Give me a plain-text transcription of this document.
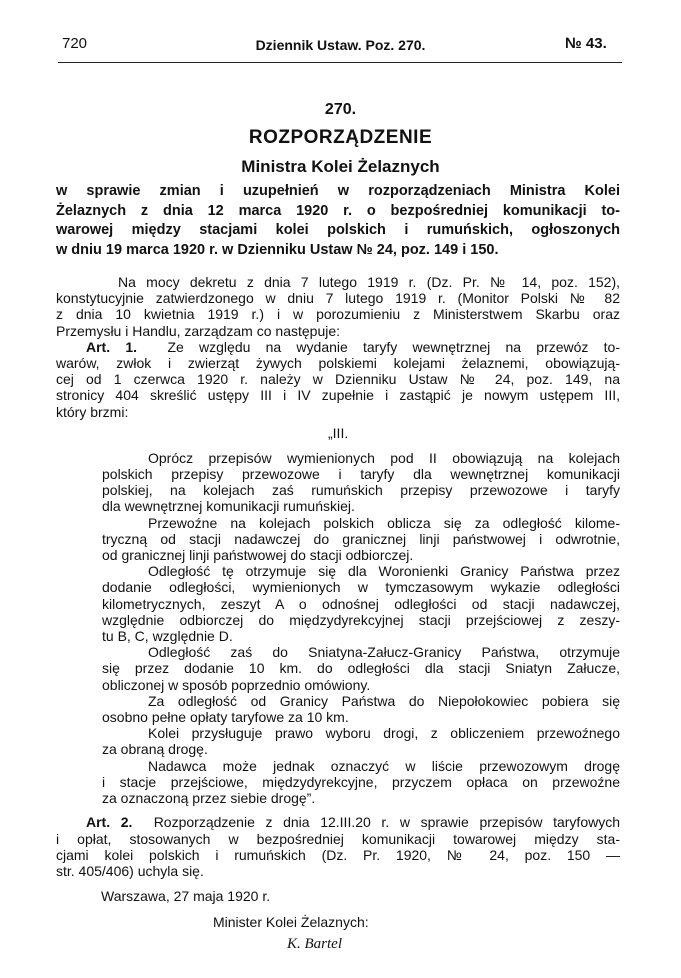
720	Dziennik Ustaw. Poz. 270.	№ 43.
270.
ROZPORZĄDZENIE
Ministra Kolei Żelaznych
w sprawie zmian i uzupełnień w rozporządzeniach Ministra Kolei
Żelaznych z dnia 12 marca 1920 r. o bezpośredniej komunikacji to-
warowej między stacjami kolei polskich i rumuńskich, ogłoszonych
w dniu 19 marca 1920 r. w Dzienniku Ustaw № 24, poz. 149 i 150.
Na mocy dekretu z dnia 7 lutego 1919 r. (Dz. Pr. № 14, poz. 152),
konstytucyjnie zatwierdzonego w dniu 7 lutego 1919 r. (Monitor Polski № 82
z dnia 10 kwietnia 1919 r.) i w porozumieniu z Ministerstwem Skarbu oraz
Przemysłu i Handlu, zarządzam co następuje:
Art. 1. Ze względu na wydanie taryfy wewnętrznej na przewóz to-
warów, zwłok i zwierząt żywych polskiemi kolejami żelaznemi, obowiązują-
cej od 1 czerwca 1920 r. należy w Dzienniku Ustaw № 24, poz. 149, na
stronicy 404 skreślić ustępy III i IV zupełnie i zastąpić je nowym ustępem III,
który brzmi:
„III.
Oprócz przepisów wymienionych pod II obowiązują na kolejach
polskich przepisy przewozowe i taryfy dla wewnętrznej komunikacji
polskiej, na kolejach zaś rumuńskich przepisy przewozowe i taryfy
dla wewnętrznej komunikacji rumuńskiej.
Przewoźne na kolejach polskich oblicza się za odległość kilome-
tryczną od stacji nadawczej do granicznej linji państwowej i odwrotnie,
od granicznej linji państwowej do stacji odbiorczej.
Odległość tę otrzymuje się dla Woronienki Granicy Państwa przez
dodanie odległości, wymienionych w tymczasowym wykazie odległości
kilometrycznych, zeszyt A o odnośnej odległości od stacji nadawczej,
względnie odbiorczej do międzydyrekcyjnej stacji przejściowej z zeszy-
tu B, C, względnie D.
Odległość zaś do Sniatyna-Załucz-Granicy Państwa, otrzymuje
się przez dodanie 10 km. do odległości dla stacji Sniatyn Załucze,
obliczonej w sposób poprzednio omówiony.
Za odległość od Granicy Państwa do Niepołokowiec pobiera się
osobno pełne opłaty taryfowe za 10 km.
Kolei przysługuje prawo wyboru drogi, z obliczeniem przewoźnego
za obraną drogę.
Nadawca może jednak oznaczyć w liście przewozowym drogę
i stacje przejściowe, międzydyrekcyjne, przyczem opłaca on przewoźne
za oznaczoną przez siebie drogę”.
Art. 2. Rozporządzenie z dnia 12.III.20 r. w sprawie przepisów taryfowych
i opłat, stosowanych w bezpośredniej komunikacji towarowej między sta-
cjami kolei polskich i rumuńskich (Dz. Pr. 1920, № 24, poz. 150 —
str. 405/406) uchyla się.
Warszawa, 27 maja 1920 r.
Minister Kolei Żelaznych:
K. Bartel
